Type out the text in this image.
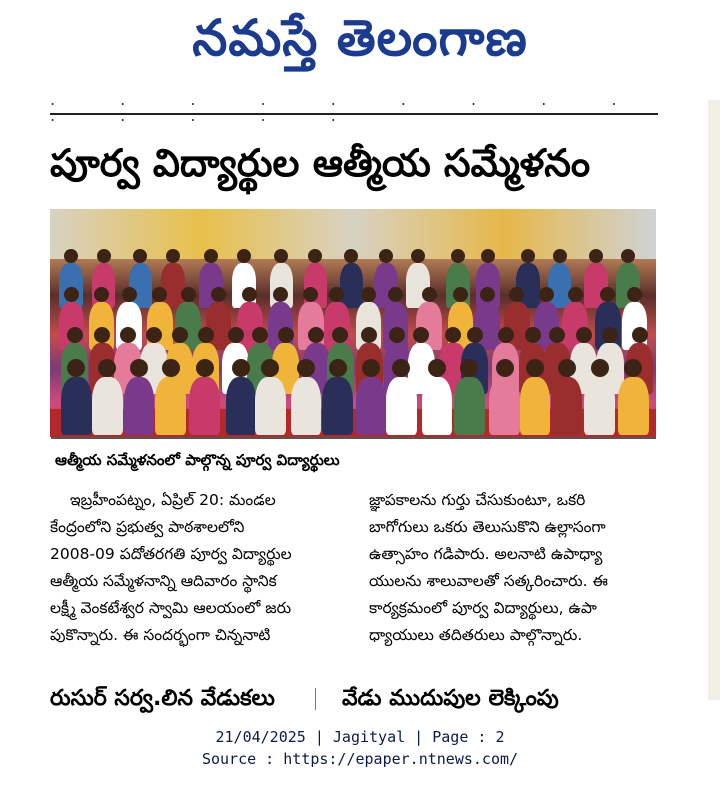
నమస్తే తెలంగాణ
. . . . . . . . . . . . . .
పూర్వ విద్యార్థుల ఆత్మీయ సమ్మేళనం
ఆత్మీయ సమ్మేళనంలో పాల్గొన్న పూర్వ విద్యార్థులు

ఇబ్రహీంపట్నం, ఏప్రిల్ 20: మండల

కేంద్రంలోని ప్రభుత్వ పాఠశాలలోని

2008-09 పదోతరగతి పూర్వ విద్యార్థుల

ఆత్మీయ సమ్మేళనాన్ని ఆదివారం స్థానిక

లక్ష్మీ వెంకటేశ్వర స్వామి ఆలయంలో జరు

పుకొన్నారు. ఈ సందర్భంగా చిన్ననాటి

జ్ఞాపకాలను గుర్తు చేసుకుంటూ, ఒకరి

బాగోగులు ఒకరు తెలుసుకొని ఉల్లాసంగా

ఉత్సాహం గడిపారు. అలనాటి ఉపాధ్యా

యులను శాలువాలతో సత్కరించారు. ఈ

కార్యక్రమంలో పూర్వ విద్యార్థులు, ఉపా

ధ్యాయులు తదితరులు పాల్గొన్నారు.

రుసుర్ సర్వ.లిన వేడుకలు	వేడు ముదుపుల లెక్కింపు
21/04/2025 | Jagityal | Page : 2
Source : https://epaper.ntnews.com/
